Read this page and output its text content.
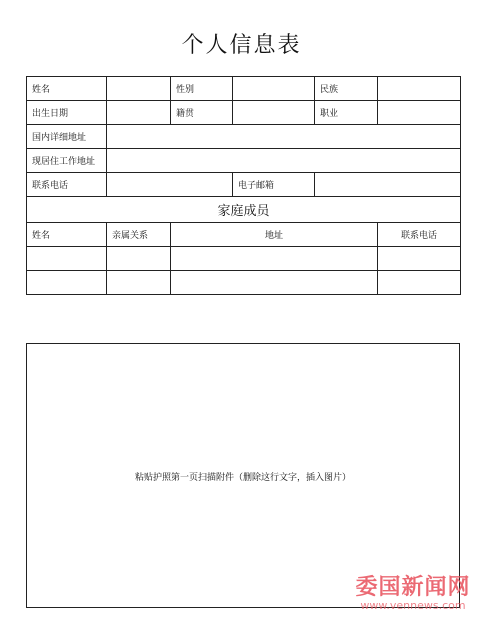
个人信息表
姓名		性别		民族	
出生日期		籍贯		职业	
国内详细地址					
现居住工作地址					
联系电话			电子邮箱		
家庭成员					
姓名	亲属关系	地址			联系电话

粘贴护照第一页扫描附件（删除这行文字，插入图片）
委国新闻网
www.vennews.com
